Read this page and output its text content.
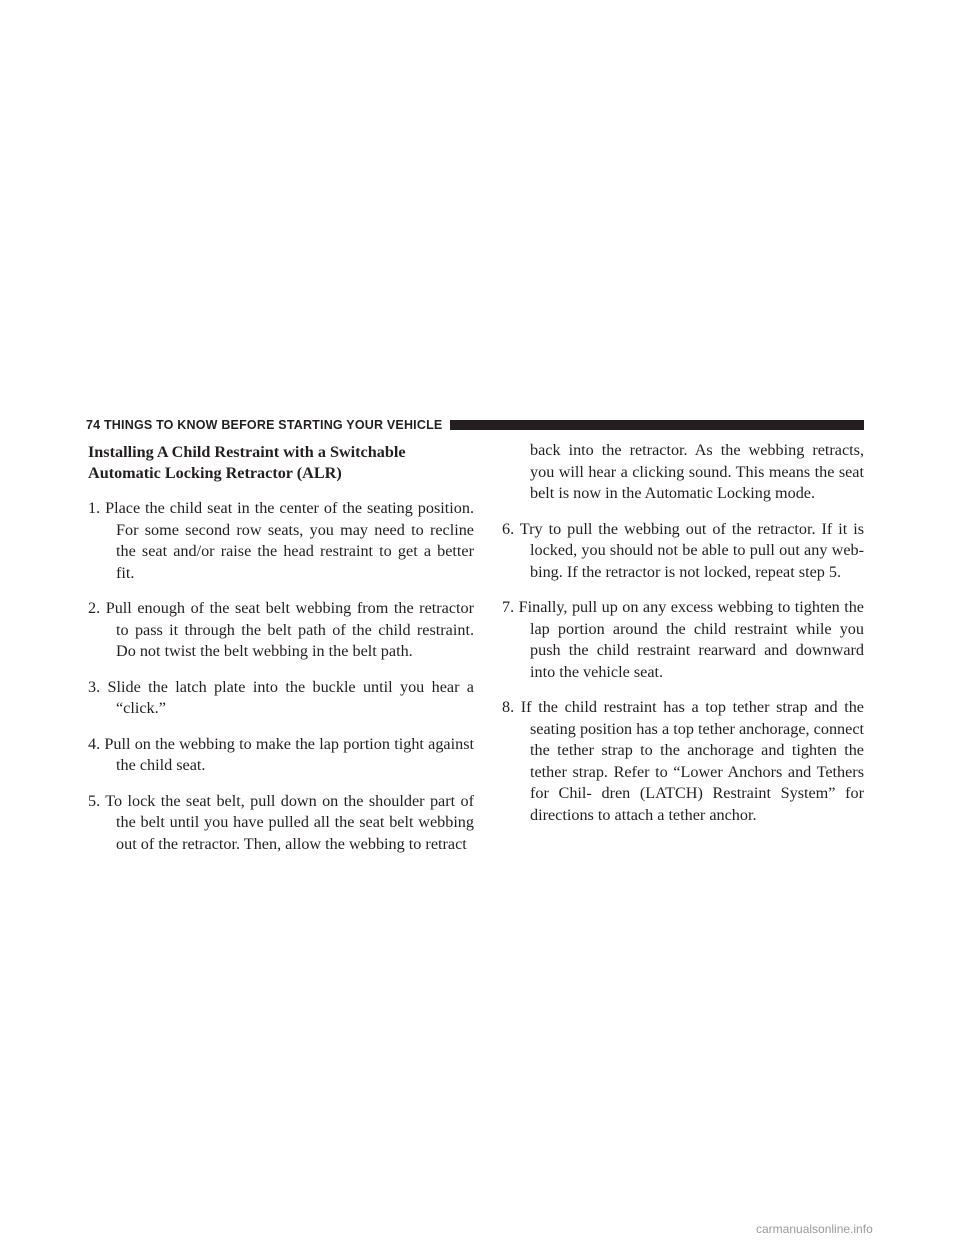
74 THINGS TO KNOW BEFORE STARTING YOUR VEHICLE
Installing A Child Restraint with a Switchable
Automatic Locking Retractor (ALR)

1. Place the child seat in the center of the seating position. For some second row seats, you may need to recline the seat and/or raise the head restraint to get a better fit.

2. Pull enough of the seat belt webbing from the retractor to pass it through the belt path of the child restraint. Do not twist the belt webbing in the belt path.

3. Slide the latch plate into the buckle until you hear a “click.”

4. Pull on the webbing to make the lap portion tight against the child seat.

5. To lock the seat belt, pull down on the shoulder part of the belt until you have pulled all the seat belt webbing out of the retractor. Then, allow the webbing to retract

back into the retractor. As the webbing retracts, you will hear a clicking sound. This means the seat belt is now in the Automatic Locking mode.

6. Try to pull the webbing out of the retractor. If it is locked, you should not be able to pull out any web- bing. If the retractor is not locked, repeat step 5.

7. Finally, pull up on any excess webbing to tighten the lap portion around the child restraint while you push the child restraint rearward and downward into the vehicle seat.

8. If the child restraint has a top tether strap and the seating position has a top tether anchorage, connect the tether strap to the anchorage and tighten the tether strap. Refer to “Lower Anchors and Tethers for Chil- dren (LATCH) Restraint System” for directions to attach a tether anchor.

carmanualsonline.info
